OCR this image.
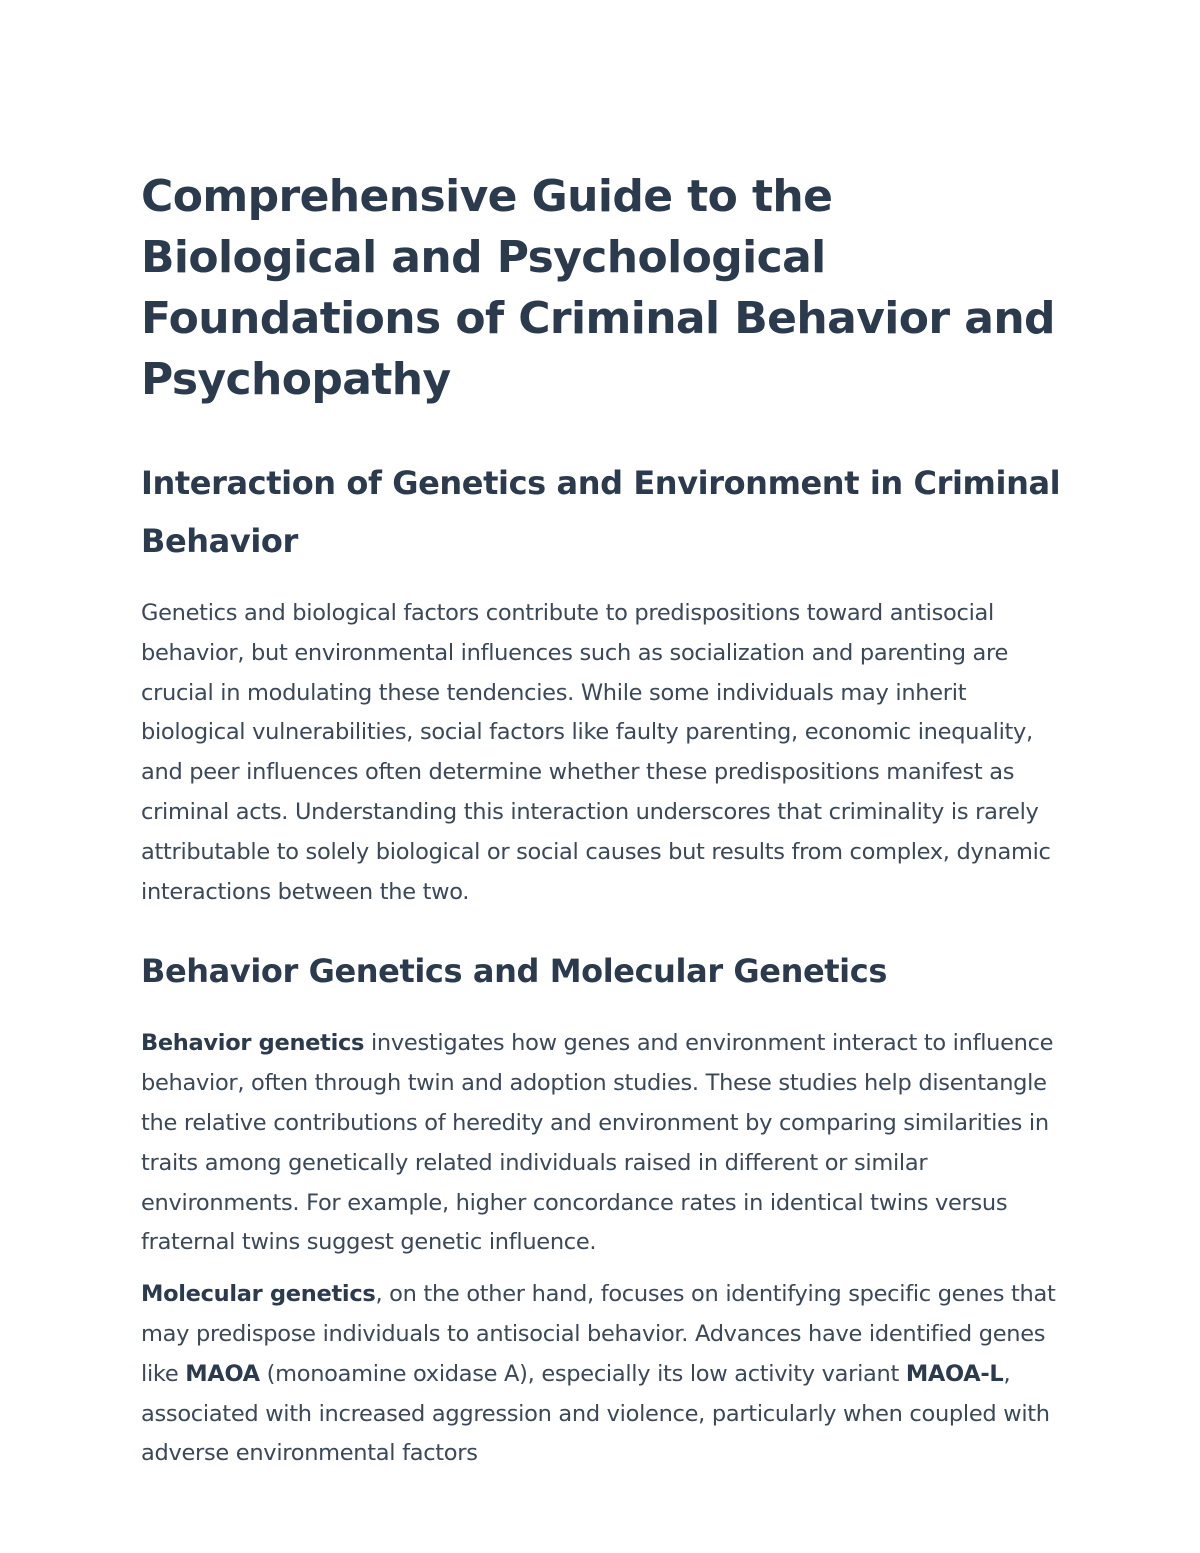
Comprehensive Guide to the Biological and Psychological Foundations of Criminal Behavior and Psychopathy
Interaction of Genetics and Environment in Criminal Behavior

Genetics and biological factors contribute to predispositions toward antisocial behavior, but environmental influences such as socialization and parenting are crucial in modulating these tendencies. While some individuals may inherit biological vulnerabilities, social factors like faulty parenting, economic inequality, and peer influences often determine whether these predispositions manifest as criminal acts. Understanding this interaction underscores that criminality is rarely attributable to solely biological or social causes but results from complex, dynamic interactions between the two.

Behavior Genetics and Molecular Genetics

Behavior genetics investigates how genes and environment interact to influence behavior, often through twin and adoption studies. These studies help disentangle the relative contributions of heredity and environment by comparing similarities in traits among genetically related individuals raised in different or similar environments. For example, higher concordance rates in identical twins versus fraternal twins suggest genetic influence.

Molecular genetics, on the other hand, focuses on identifying specific genes that may predispose individuals to antisocial behavior. Advances have identified genes like MAOA (monoamine oxidase A), especially its low activity variant MAOA-L, associated with increased aggression and violence, particularly when coupled with adverse environmental factors
